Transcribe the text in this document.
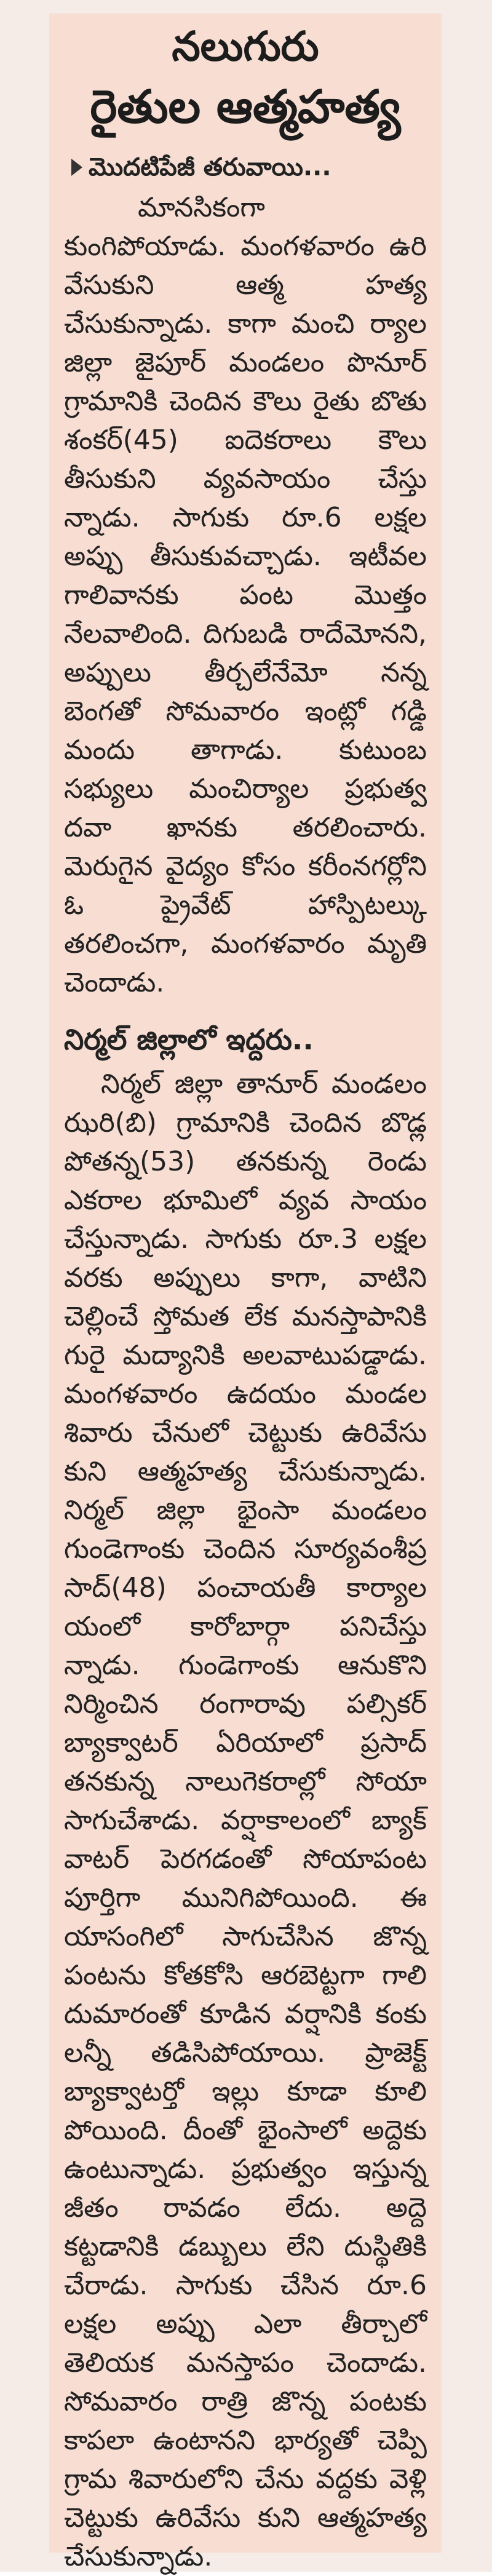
నలుగురు
రైతుల ఆత్మహత్య
మొదటిపేజీ తరువాయి...

మానసికంగా కుంగిపోయాడు. మంగళవారం ఉరి వేసుకుని ఆత్మ హత్య చేసుకున్నాడు. కాగా మంచి ర్యాల జిల్లా జైపూర్ మండలం పొనూర్ గ్రామానికి చెందిన కౌలు రైతు బొతు శంకర్(45) ఐదెకరాలు కౌలు తీసుకుని వ్యవసాయం చేస్తు న్నాడు. సాగుకు రూ.6 లక్షల అప్పు తీసుకువచ్చాడు. ఇటీవల గాలివానకు పంట మొత్తం నేలవాలింది. దిగుబడి రాదేమోనని, అప్పులు తీర్చలేనేమో నన్న బెంగతో సోమవారం ఇంట్లో గడ్డి మందు తాగాడు. కుటుంబ సభ్యులు మంచిర్యాల ప్రభుత్వ దవా ఖానకు తరలించారు. మెరుగైన వైద్యం కోసం కరీంనగర్లోని ఓ ప్రైవేట్ హాస్పిటల్కు తరలించగా, మంగళవారం మృతి చెందాడు.

నిర్మల్ జిల్లాలో ఇద్దరు..

నిర్మల్ జిల్లా తానూర్ మండలం ఝరి(బి) గ్రామానికి చెందిన బొడ్ల పోతన్న(53) తనకున్న రెండు ఎకరాల భూమిలో వ్యవ సాయం చేస్తున్నాడు. సాగుకు రూ.3 లక్షల వరకు అప్పులు కాగా, వాటిని చెల్లించే స్తోమత లేక మనస్తాపానికి గురై మద్యానికి అలవాటుపడ్డాడు. మంగళవారం ఉదయం మండల శివారు చేనులో చెట్టుకు ఉరివేసు కుని ఆత్మహత్య చేసుకున్నాడు. నిర్మల్ జిల్లా భైంసా మండలం గుండెగాంకు చెందిన సూర్యవంశీప్ర సాద్(48) పంచాయతీ కార్యాల యంలో కారోబార్గా పనిచేస్తు న్నాడు. గుండెగాంకు ఆనుకొని నిర్మించిన రంగారావు పల్సికర్ బ్యాక్వాటర్ ఏరియాలో ప్రసాద్ తనకున్న నాలుగెకరాల్లో సోయా సాగుచేశాడు. వర్షాకాలంలో బ్యాక్ వాటర్ పెరగడంతో సోయాపంట పూర్తిగా మునిగిపోయింది. ఈ యాసంగిలో సాగుచేసిన జొన్న పంటను కోతకోసి ఆరబెట్టగా గాలి దుమారంతో కూడిన వర్షానికి కంకు లన్నీ తడిసిపోయాయి. ప్రాజెక్ట్ బ్యాక్వాటర్తో ఇల్లు కూడా కూలి పోయింది. దీంతో భైంసాలో అద్దెకు ఉంటున్నాడు. ప్రభుత్వం ఇస్తున్న జీతం రావడం లేదు. అద్దె కట్టడానికి డబ్బులు లేని దుస్థితికి చేరాడు. సాగుకు చేసిన రూ.6 లక్షల అప్పు ఎలా తీర్చాలో తెలియక మనస్తాపం చెందాడు. సోమవారం రాత్రి జొన్న పంటకు కాపలా ఉంటానని భార్యతో చెప్పి గ్రామ శివారులోని చేను వద్దకు వెళ్లి చెట్టుకు ఉరివేసు కుని ఆత్మహత్య చేసుకున్నాడు.
